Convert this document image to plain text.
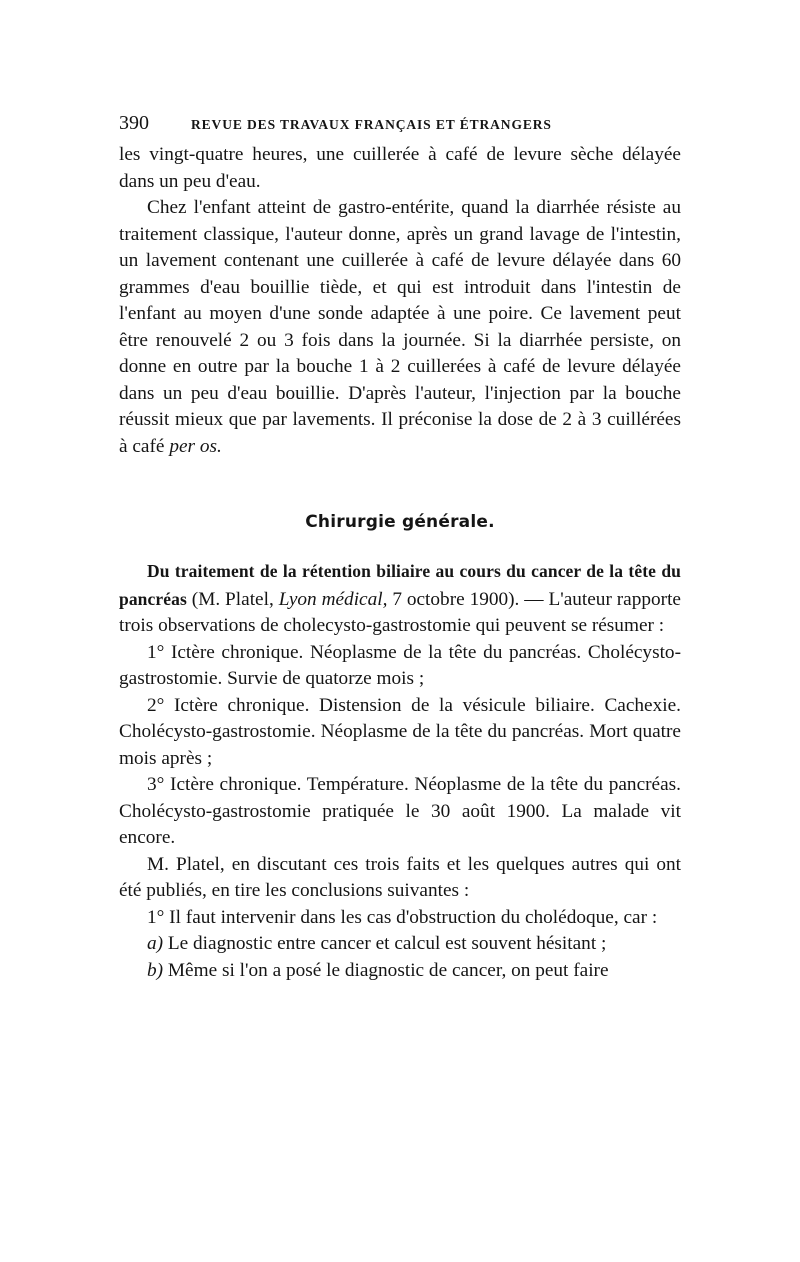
390	REVUE DES TRAVAUX FRANÇAIS ET ÉTRANGERS

les vingt-quatre heures, une cuillerée à café de levure sèche délayée dans un peu d'eau.

Chez l'enfant atteint de gastro-entérite, quand la diarrhée résiste au traitement classique, l'auteur donne, après un grand lavage de l'intestin, un lavement contenant une cuillerée à café de levure délayée dans 60 grammes d'eau bouillie tiède, et qui est introduit dans l'intestin de l'enfant au moyen d'une sonde adaptée à une poire. Ce lavement peut être renouvelé 2 ou 3 fois dans la journée. Si la diarrhée persiste, on donne en outre par la bouche 1 à 2 cuillerées à café de levure délayée dans un peu d'eau bouillie. D'après l'auteur, l'injection par la bouche réussit mieux que par lavements. Il préconise la dose de 2 à 3 cuillérées à café per os.

Chirurgie générale.

Du traitement de la rétention biliaire au cours du cancer de la tête du pancréas (M. Platel, Lyon médical, 7 octobre 1900). — L'auteur rapporte trois observations de cholecysto-gastrostomie qui peuvent se résumer :

1° Ictère chronique. Néoplasme de la tête du pancréas. Cholécysto-gastrostomie. Survie de quatorze mois ;

2° Ictère chronique. Distension de la vésicule biliaire. Cachexie. Cholécysto-gastrostomie. Néoplasme de la tête du pancréas. Mort quatre mois après ;

3° Ictère chronique. Température. Néoplasme de la tête du pancréas. Cholécysto-gastrostomie pratiquée le 30 août 1900. La malade vit encore.

M. Platel, en discutant ces trois faits et les quelques autres qui ont été publiés, en tire les conclusions suivantes :

1° Il faut intervenir dans les cas d'obstruction du cholédoque, car :

a) Le diagnostic entre cancer et calcul est souvent hésitant ;

b) Même si l'on a posé le diagnostic de cancer, on peut faire
